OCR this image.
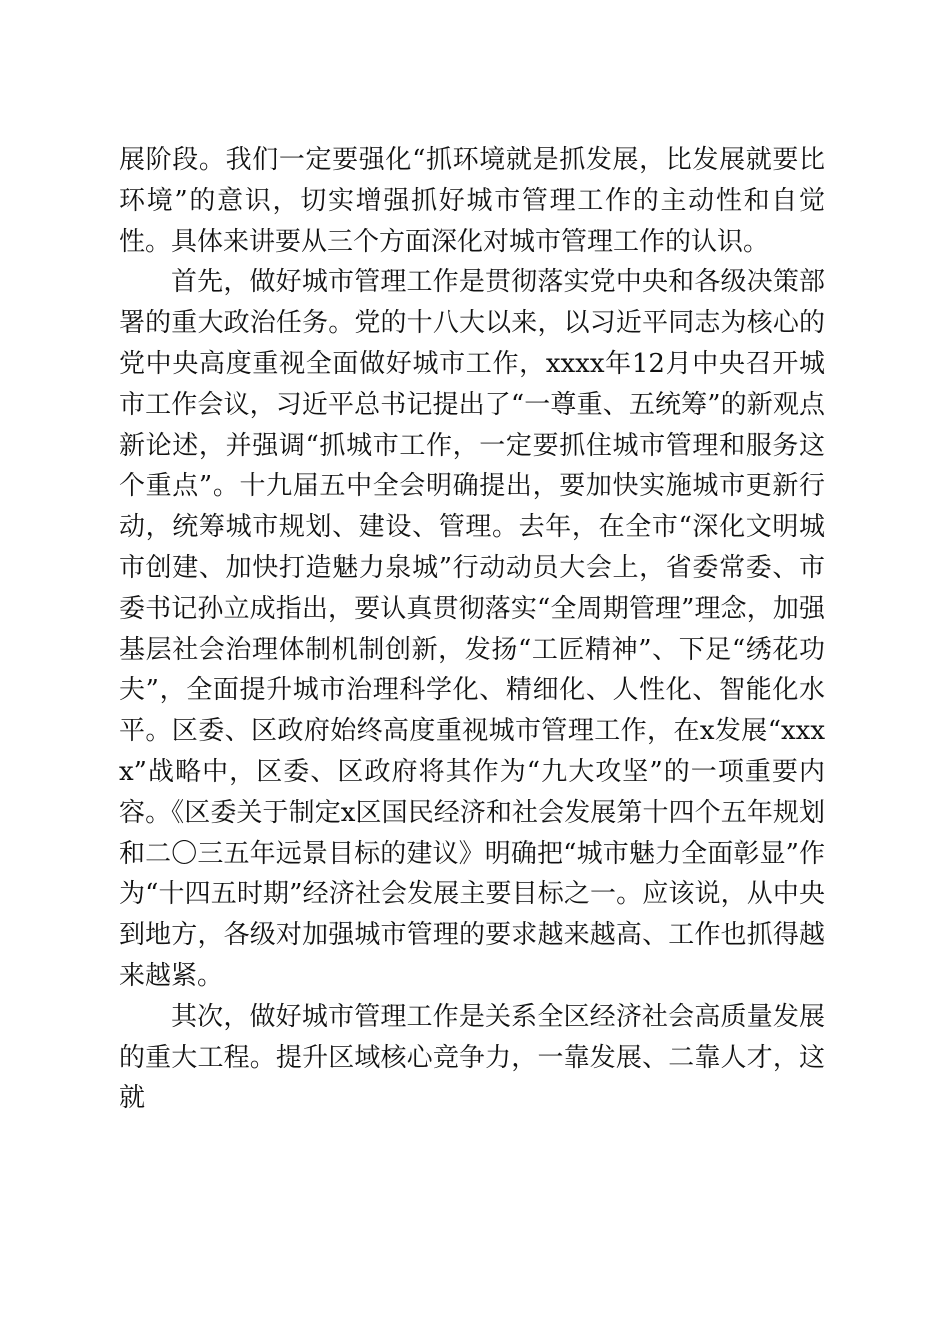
展阶段。我们一定要强化“抓环境就是抓发展，比发展就要比环境”的意识，切实增强抓好城市管理工作的主动性和自觉性。具体来讲要从三个方面深化对城市管理工作的认识。

首先，做好城市管理工作是贯彻落实党中央和各级决策部署的重大政治任务。党的十八大以来，以习近平同志为核心的党中央高度重视全面做好城市工作，xxxx年12月中央召开城市工作会议，习近平总书记提出了“一尊重、五统筹”的新观点新论述，并强调“抓城市工作，一定要抓住城市管理和服务这个重点”。十九届五中全会明确提出，要加快实施城市更新行动，统筹城市规划、建设、管理。去年，在全市“深化文明城市创建、加快打造魅力泉城”行动动员大会上，省委常委、市委书记孙立成指出，要认真贯彻落实“全周期管理”理念，加强基层社会治理体制机制创新，发扬“工匠精神”、下足“绣花功夫”，全面提升城市治理科学化、精细化、人性化、智能化水平。区委、区政府始终高度重视城市管理工作，在x发展“xxxx”战略中，区委、区政府将其作为“九大攻坚”的一项重要内容。《区委关于制定x区国民经济和社会发展第十四个五年规划和二〇三五年远景目标的建议》明确把“城市魅力全面彰显”作为“十四五时期”经济社会发展主要目标之一。应该说，从中央到地方，各级对加强城市管理的要求越来越高、工作也抓得越来越紧。

其次，做好城市管理工作是关系全区经济社会高质量发展的重大工程。提升区域核心竞争力，一靠发展、二靠人才，这就
